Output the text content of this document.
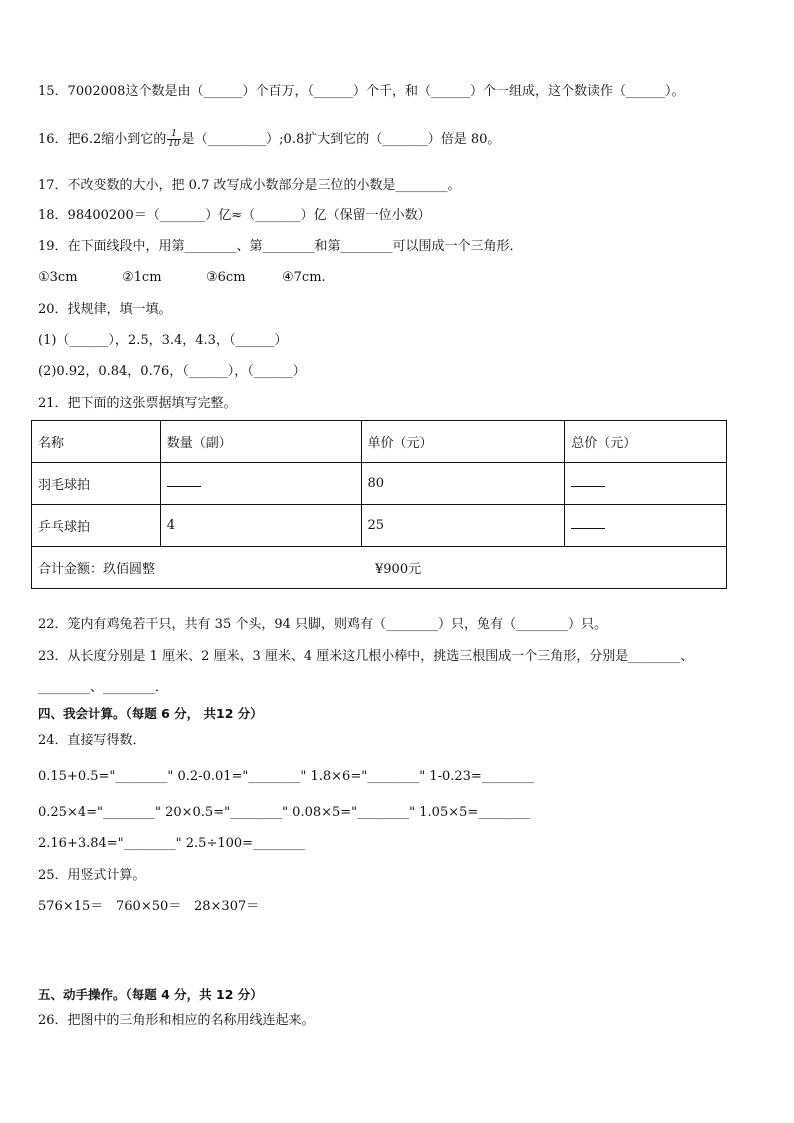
15．7002008这个数是由（______）个百万，（______）个千，和（______）个一组成，这个数读作（______）。
16．把6.2缩小到它的 $\frac{1}{10}$ 是（_________）;0.8扩大到它的（_______）倍是 80。
17．不改变数的大小，把 0.7 改写成小数部分是三位的小数是________。
18．98400200＝（_______）亿≈（_______）亿（保留一位小数）
19．在下面线段中，用第________、第________和第________可以围成一个三角形．
①3cm	②1cm	③6cm	④7cm.
20．找规律，填一填。
(1)（______），2.5，3.4，4.3，（______）
(2)0.92，0.84，0.76，（______），（______）
21．把下面的这张票据填写完整。
名称	数量（副）	单价（元）	总价（元）
羽毛球拍		80	
乒乓球拍	4	25	
合计金额：玖佰圆整 ¥900元			
22．笼内有鸡兔若干只，共有 35 个头，94 只脚，则鸡有（________）只，兔有（________）只。
23．从长度分别是 1 厘米、2 厘米、3 厘米、4 厘米这几根小棒中，挑选三根围成一个三角形，分别是________、
________、________．
四、我会计算。（每题 6 分， 共12 分）
24．直接写得数．
0.15+0.5="________" 0.2-0.01="________" 1.8×6="________" 1-0.23=________
0.25×4="________" 20×0.5="________" 0.08×5="________" 1.05×5=________
2.16+3.84="________" 2.5÷100=________
25．用竖式计算。
576×15＝ 760×50＝ 28×307＝
五、动手操作。（每题 4 分，共 12 分）
26．把图中的三角形和相应的名称用线连起来。
